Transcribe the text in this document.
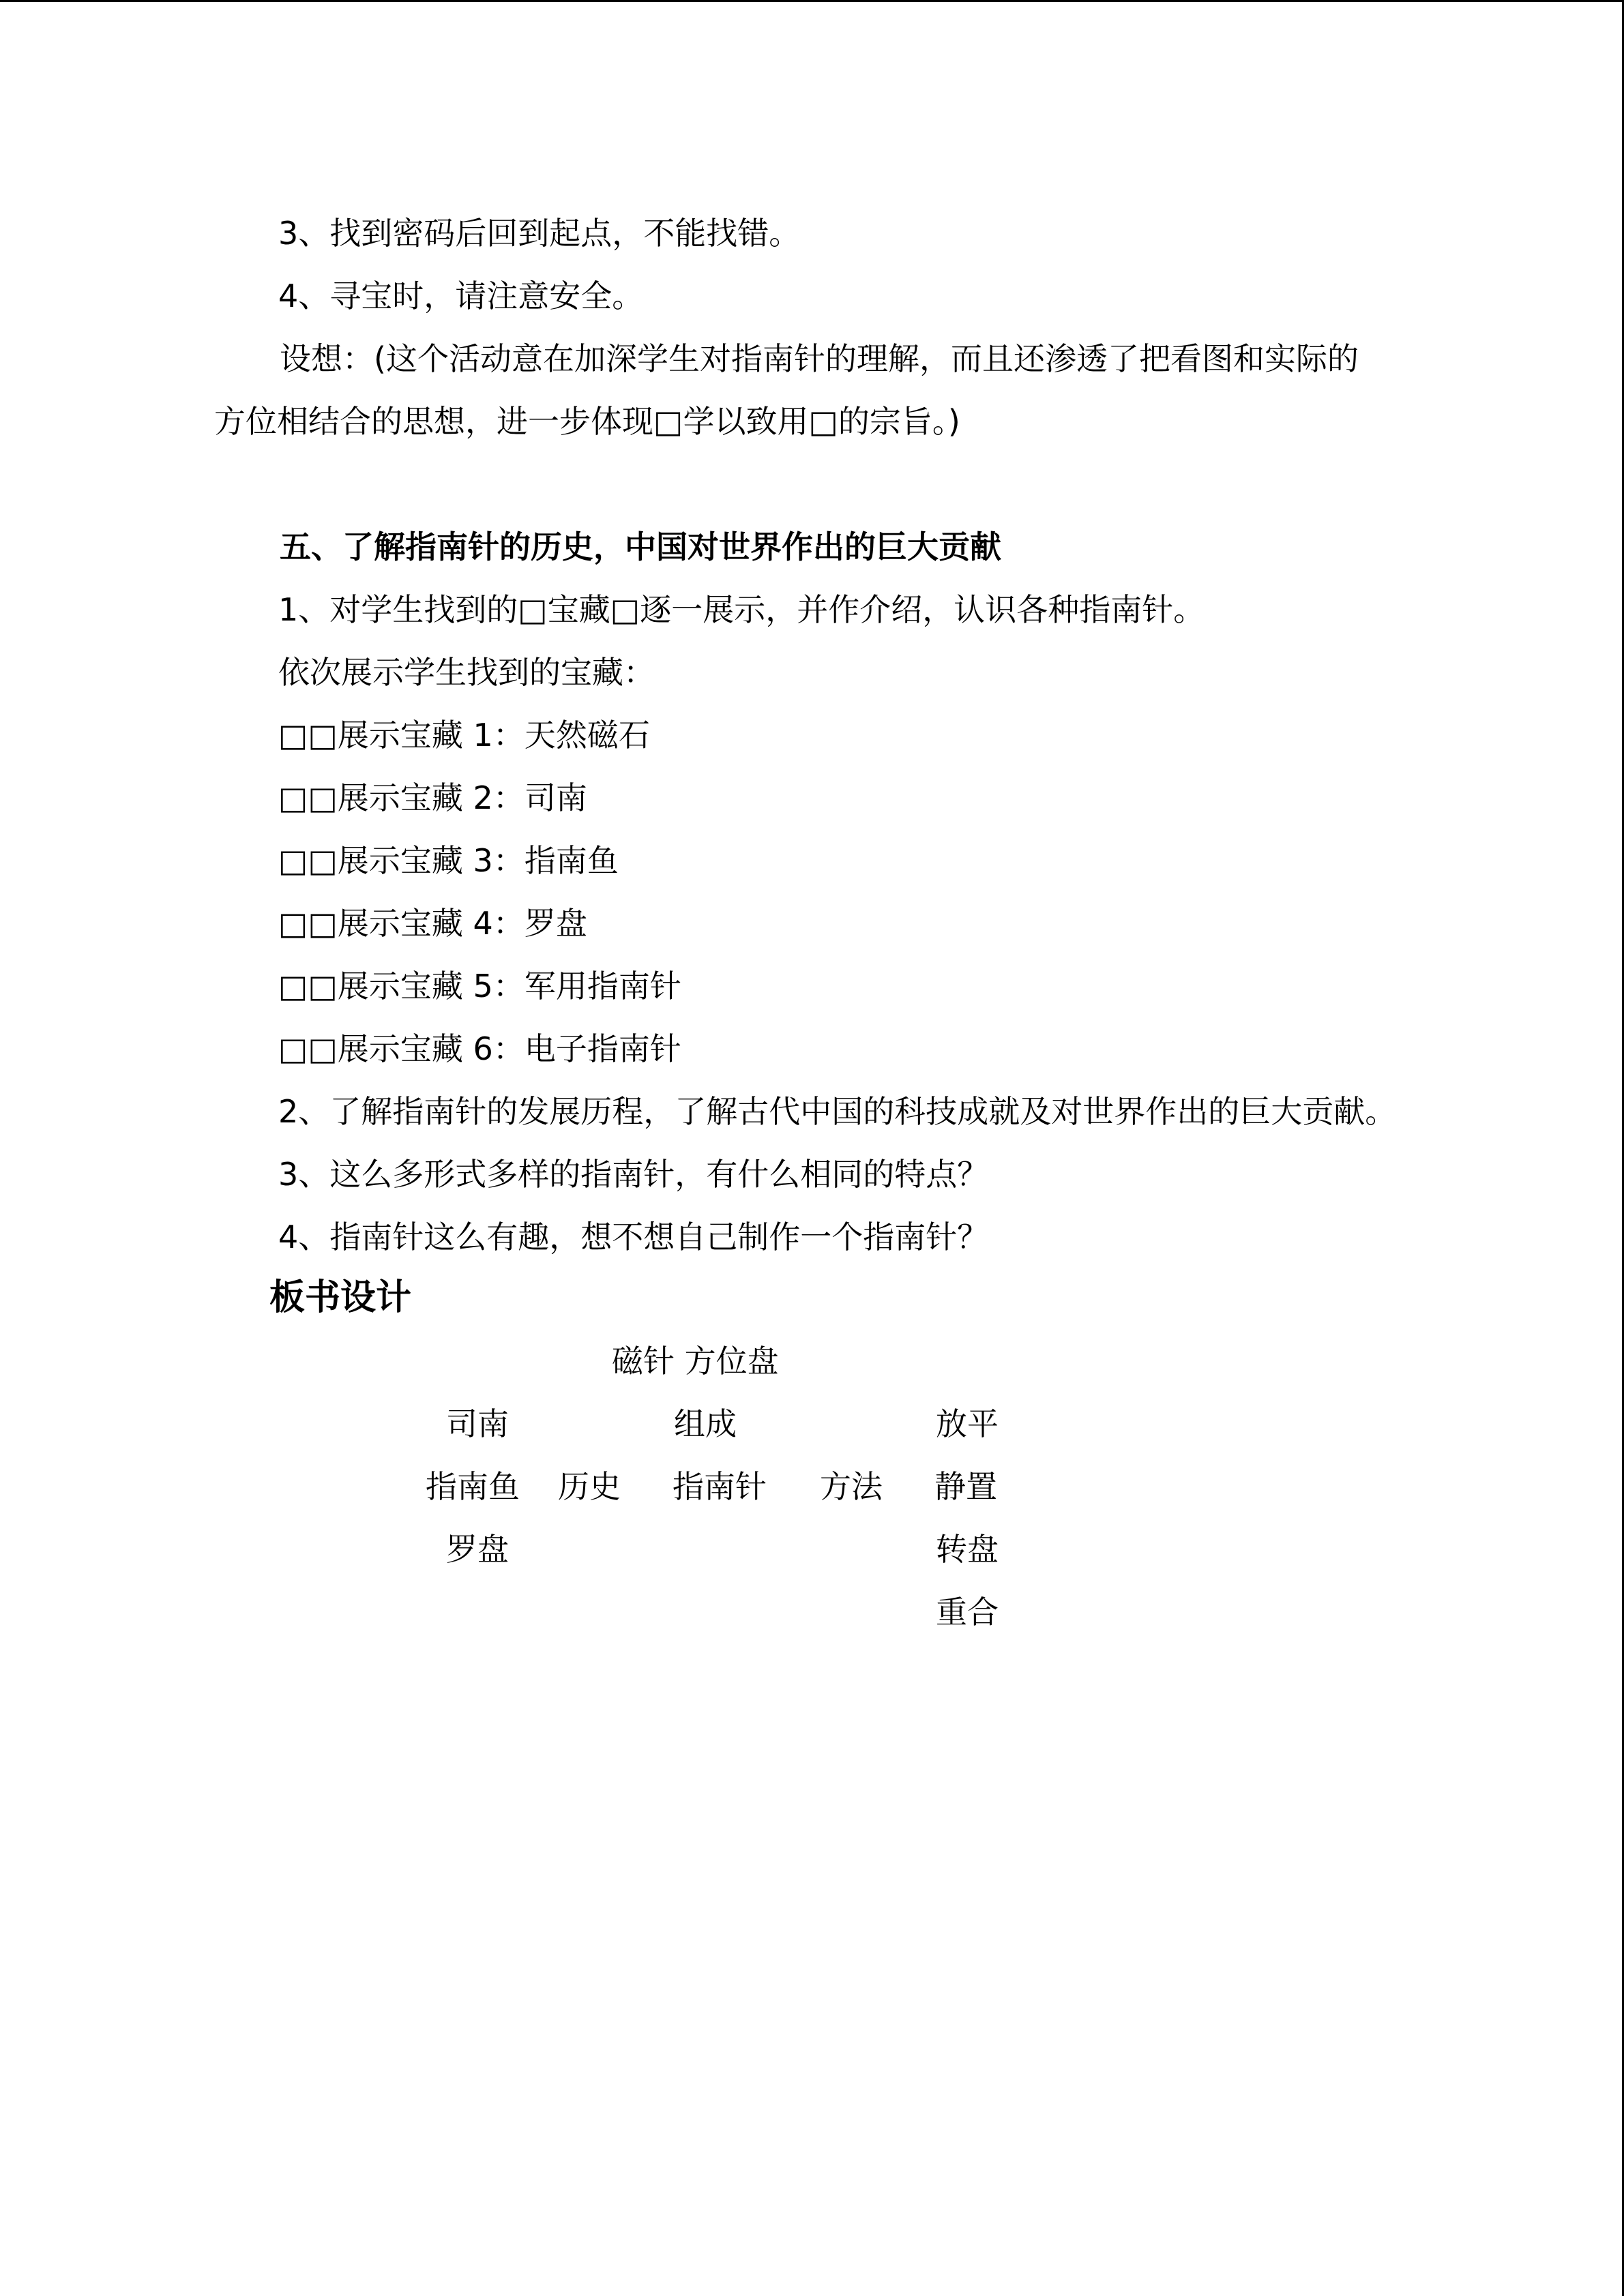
3、找到密码后回到起点，不能找错。
4、寻宝时，请注意安全。
设想：(这个活动意在加深学生对指南针的理解，而且还渗透了把看图和实际的
方位相结合的思想，进一步体现□学以致用□的宗旨。)
五、了解指南针的历史，中国对世界作出的巨大贡献
1、对学生找到的□宝藏□逐一展示，并作介绍，认识各种指南针。
依次展示学生找到的宝藏：
□□展示宝藏 1：天然磁石
□□展示宝藏 2：司南
□□展示宝藏 3：指南鱼
□□展示宝藏 4：罗盘
□□展示宝藏 5：军用指南针
□□展示宝藏 6：电子指南针
2、了解指南针的发展历程，了解古代中国的科技成就及对世界作出的巨大贡献。
3、这么多形式多样的指南针，有什么相同的特点？
4、指南针这么有趣，想不想自己制作一个指南针？
板书设计
磁针 方位盘
司南
指南鱼
罗盘
历史
组成
指南针 方法
放平
静置
转盘
重合
